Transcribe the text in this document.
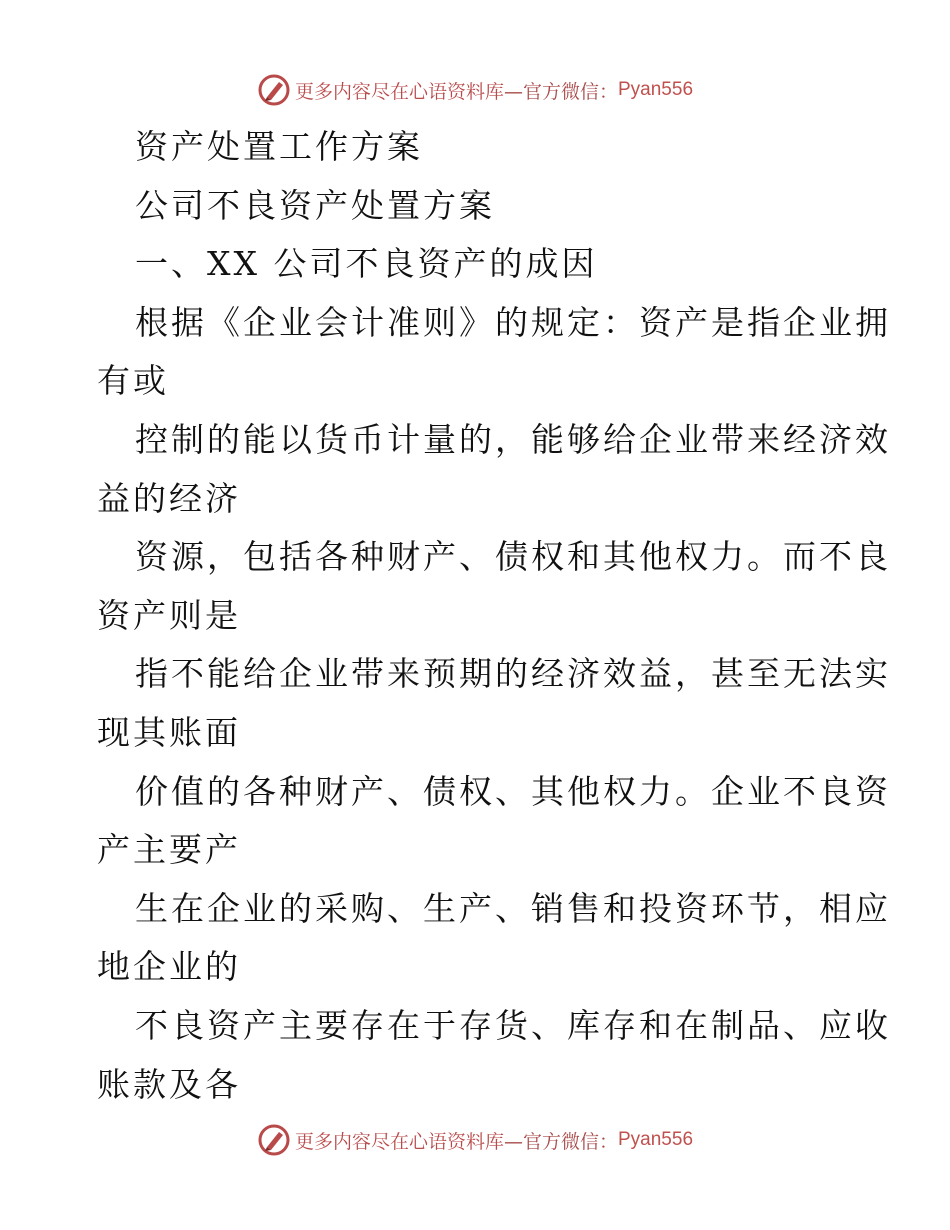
更多内容尽在心语资料库 —官方微信： Pyan556
资产处置工作方案
公司不良资产处置方案
一、XX 公司不良资产的成因
根据《企业会计准则》的规定：资产是指企业拥
有或
控制的能以货币计量的，能够给企业带来经济效
益的经济
资源，包括各种财产、债权和其他权力。而不良
资产则是
指不能给企业带来预期的经济效益，甚至无法实
现其账面
价值的各种财产、债权、其他权力。企业不良资
产主要产
生在企业的采购、生产、销售和投资环节，相应
地企业的
不良资产主要存在于存货、库存和在制品、应收
账款及各
更多内容尽在心语资料库 —官方微信： Pyan556
